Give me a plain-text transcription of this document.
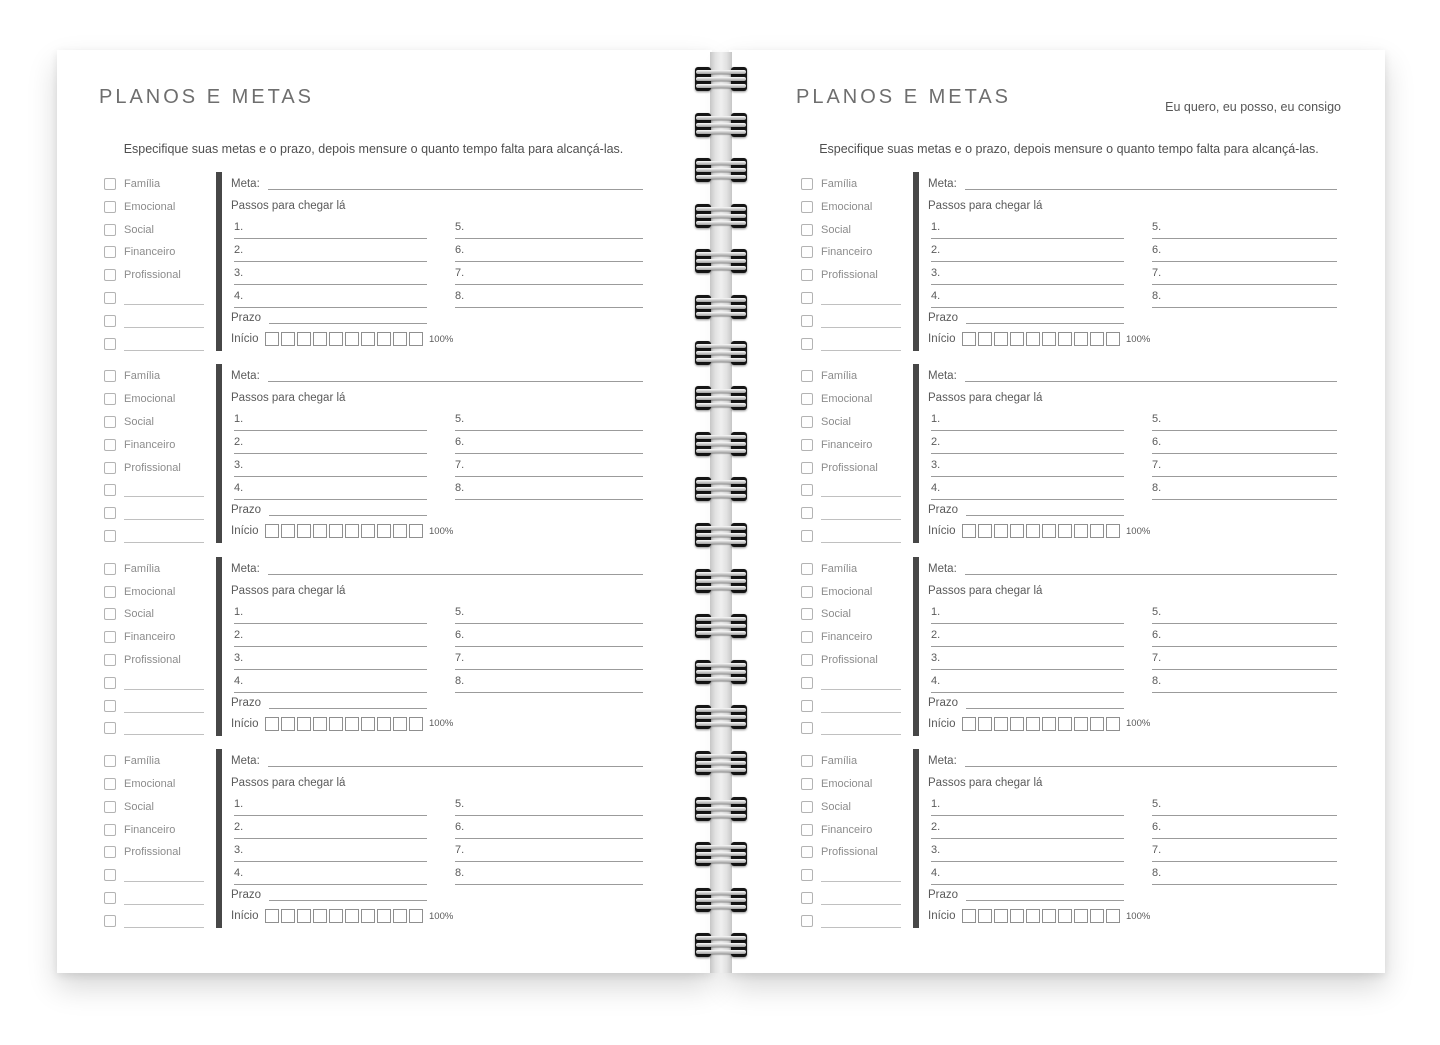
PLANOS E METAS
Especifique suas metas e o prazo, depois mensure o quanto tempo falta para alcançá-las.
Família
Emocional
Social
Financeiro
Profissional
Meta:
Passos para chegar lá
1.
2.
3.
4.
5.
6.
7.
8.
Prazo
Início	100%
Família
Emocional
Social
Financeiro
Profissional
Meta:
Passos para chegar lá
1.
2.
3.
4.
5.
6.
7.
8.
Prazo
Início	100%
Família
Emocional
Social
Financeiro
Profissional
Meta:
Passos para chegar lá
1.
2.
3.
4.
5.
6.
7.
8.
Prazo
Início	100%
Família
Emocional
Social
Financeiro
Profissional
Meta:
Passos para chegar lá
1.
2.
3.
4.
5.
6.
7.
8.
Prazo
Início	100%
PLANOS E METAS	Eu quero, eu posso, eu consigo
Especifique suas metas e o prazo, depois mensure o quanto tempo falta para alcançá-las.
Família
Emocional
Social
Financeiro
Profissional
Meta:
Passos para chegar lá
1.
2.
3.
4.
5.
6.
7.
8.
Prazo
Início	100%
Família
Emocional
Social
Financeiro
Profissional
Meta:
Passos para chegar lá
1.
2.
3.
4.
5.
6.
7.
8.
Prazo
Início	100%
Família
Emocional
Social
Financeiro
Profissional
Meta:
Passos para chegar lá
1.
2.
3.
4.
5.
6.
7.
8.
Prazo
Início	100%
Família
Emocional
Social
Financeiro
Profissional
Meta:
Passos para chegar lá
1.
2.
3.
4.
5.
6.
7.
8.
Prazo
Início	100%
